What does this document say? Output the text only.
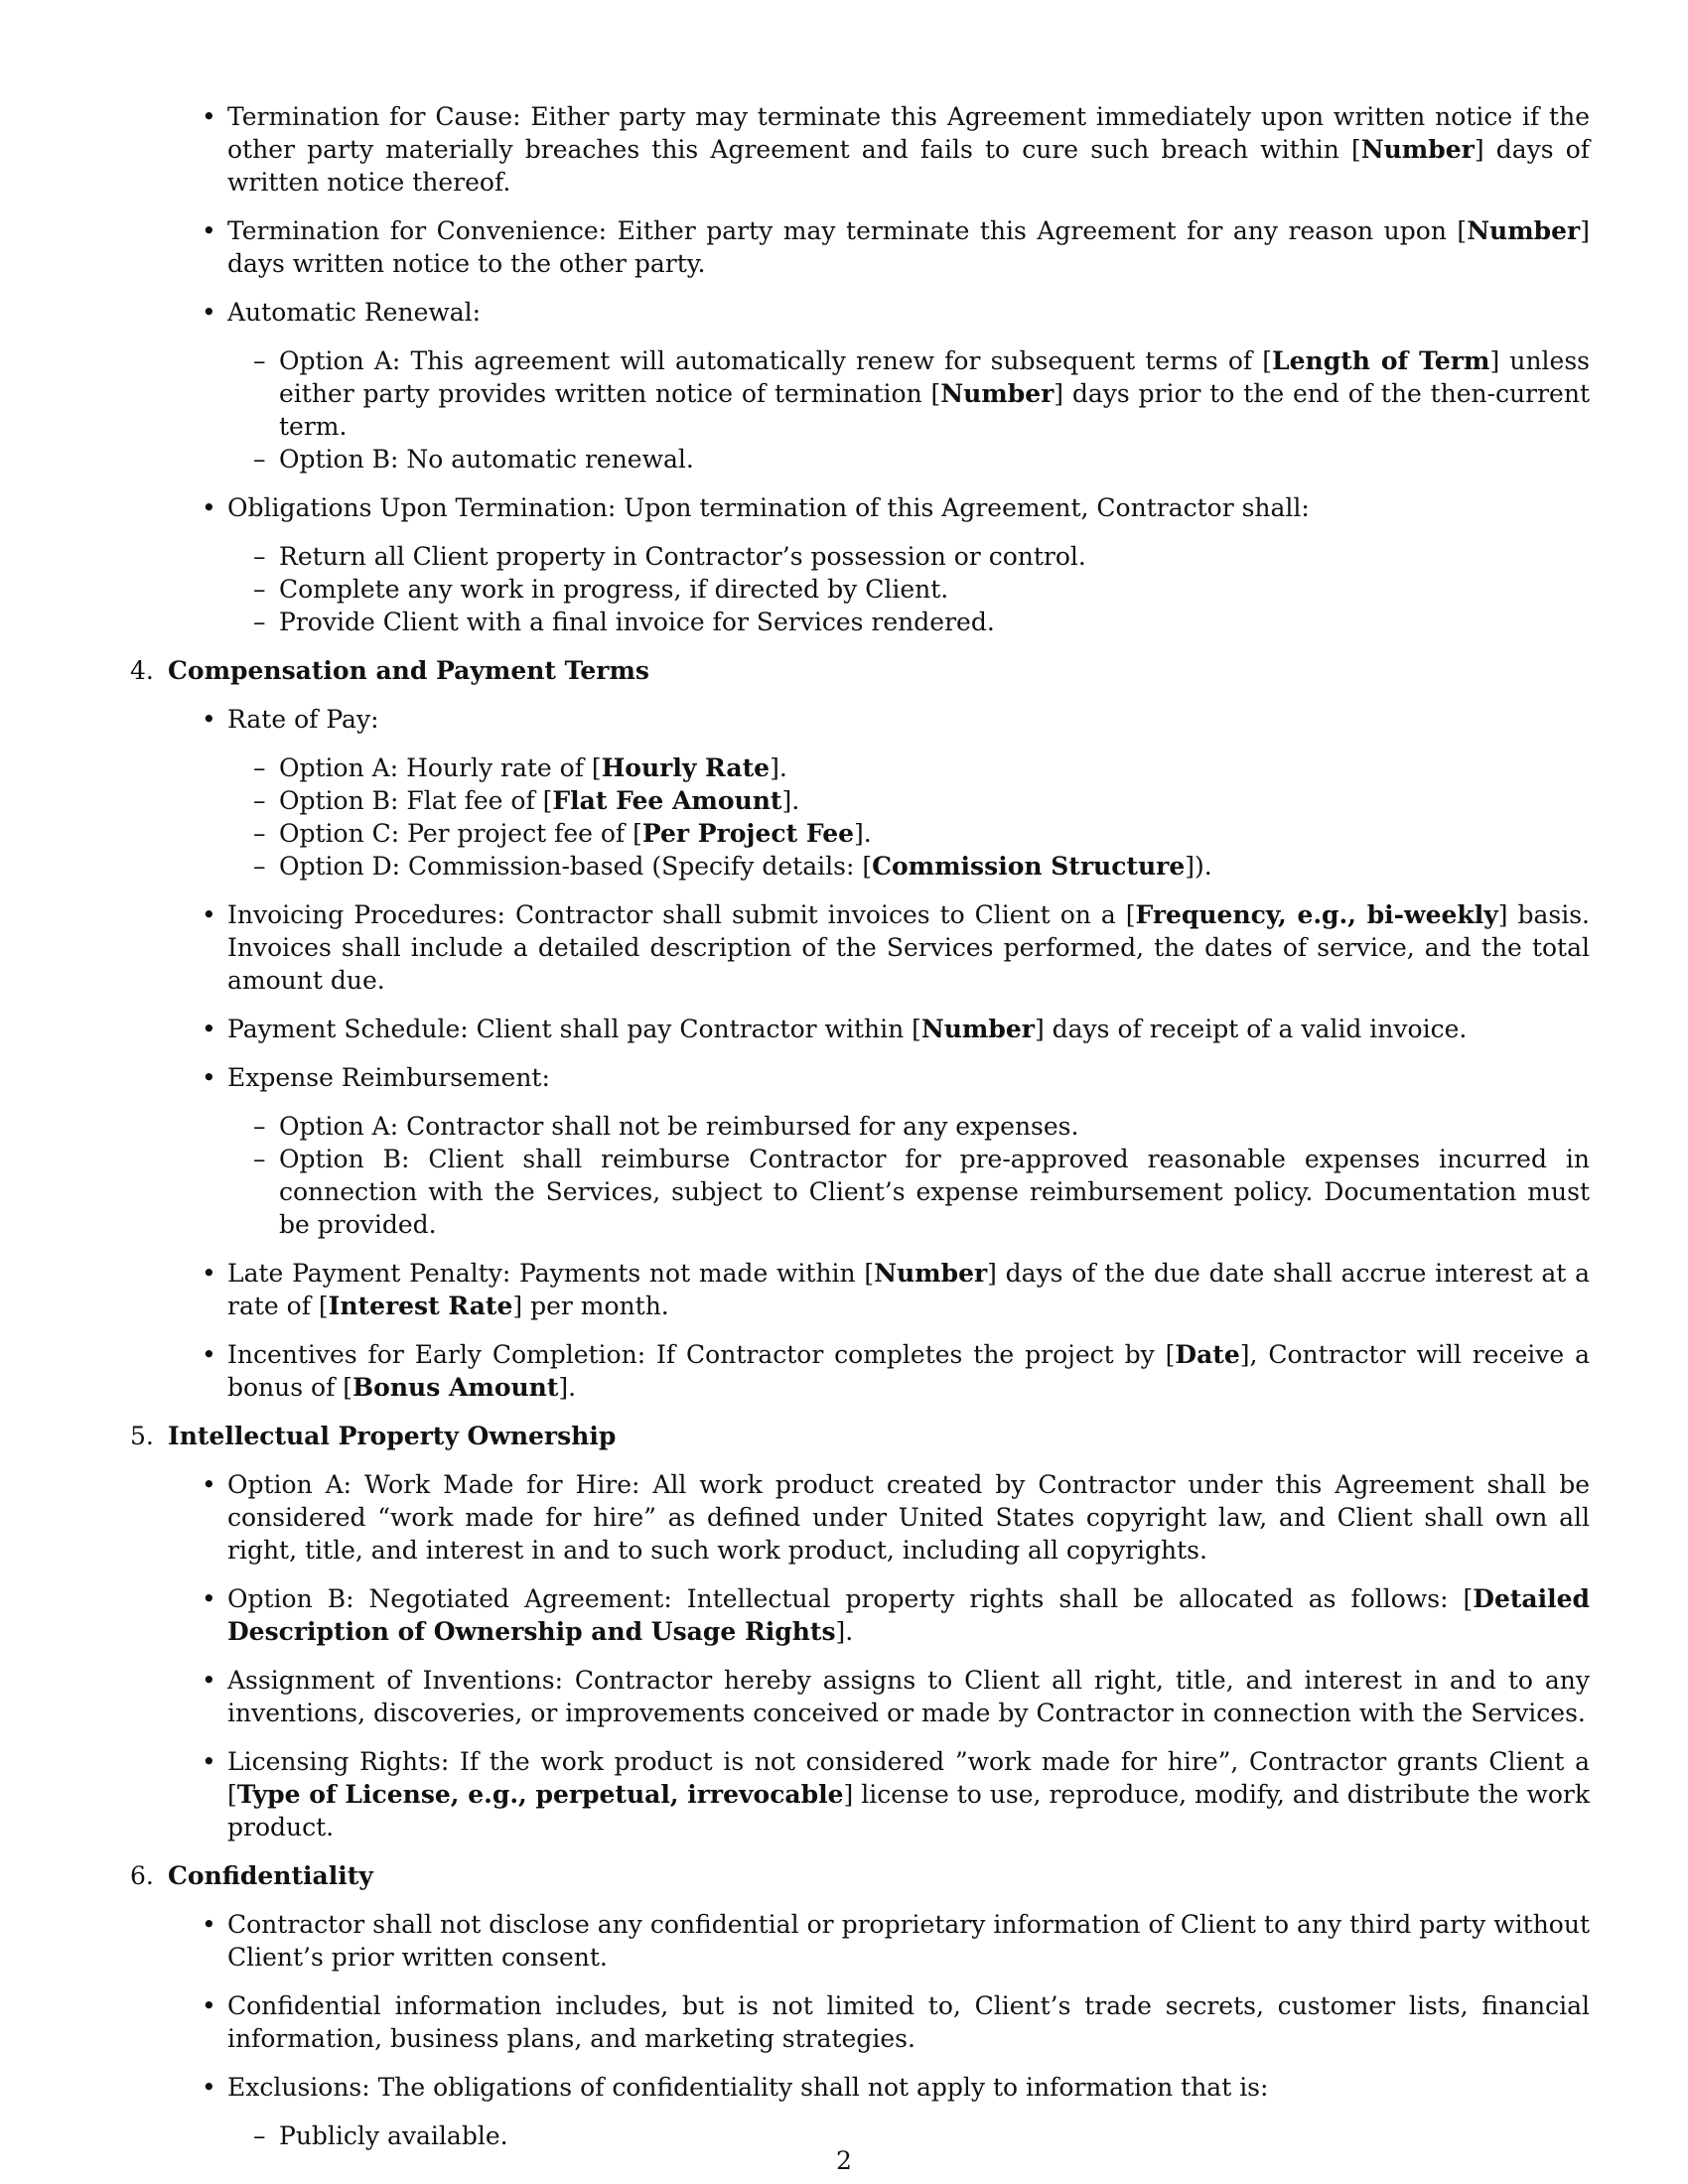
• Termination for Cause: Either party may terminate this Agreement immediately upon written notice if the other party materially breaches this Agreement and fails to cure such breach within [Number] days of written notice thereof.
• Termination for Convenience: Either party may terminate this Agreement for any reason upon [Number] days written notice to the other party.
• Automatic Renewal:
– Option A: This agreement will automatically renew for subsequent terms of [Length of Term] unless either party provides written notice of termination [Number] days prior to the end of the then-current term.
– Option B: No automatic renewal.
• Obligations Upon Termination: Upon termination of this Agreement, Contractor shall:
– Return all Client property in Contractor’s possession or control.
– Complete any work in progress, if directed by Client.
– Provide Client with a final invoice for Services rendered.
4. Compensation and Payment Terms
• Rate of Pay:
– Option A: Hourly rate of [Hourly Rate].
– Option B: Flat fee of [Flat Fee Amount].
– Option C: Per project fee of [Per Project Fee].
– Option D: Commission-based (Specify details: [Commission Structure]).
• Invoicing Procedures: Contractor shall submit invoices to Client on a [Frequency, e.g., bi-weekly] basis. Invoices shall include a detailed description of the Services performed, the dates of service, and the total amount due.
• Payment Schedule: Client shall pay Contractor within [Number] days of receipt of a valid invoice.
• Expense Reimbursement:
– Option A: Contractor shall not be reimbursed for any expenses.
– Option B: Client shall reimburse Contractor for pre-approved reasonable expenses incurred in connection with the Services, subject to Client’s expense reimbursement policy. Documentation must be provided.
• Late Payment Penalty: Payments not made within [Number] days of the due date shall accrue interest at a rate of [Interest Rate] per month.
• Incentives for Early Completion: If Contractor completes the project by [Date], Contractor will receive a bonus of [Bonus Amount].
5. Intellectual Property Ownership
• Option A: Work Made for Hire: All work product created by Contractor under this Agreement shall be considered “work made for hire” as defined under United States copyright law, and Client shall own all right, title, and interest in and to such work product, including all copyrights.
• Option B: Negotiated Agreement: Intellectual property rights shall be allocated as follows: [Detailed Description of Ownership and Usage Rights].
• Assignment of Inventions: Contractor hereby assigns to Client all right, title, and interest in and to any inventions, discoveries, or improvements conceived or made by Contractor in connection with the Services.
• Licensing Rights: If the work product is not considered ”work made for hire”, Contractor grants Client a [Type of License, e.g., perpetual, irrevocable] license to use, reproduce, modify, and distribute the work product.
6. Confidentiality
• Contractor shall not disclose any confidential or proprietary information of Client to any third party without Client’s prior written consent.
• Confidential information includes, but is not limited to, Client’s trade secrets, customer lists, financial information, business plans, and marketing strategies.
• Exclusions: The obligations of confidentiality shall not apply to information that is:
– Publicly available.
2
